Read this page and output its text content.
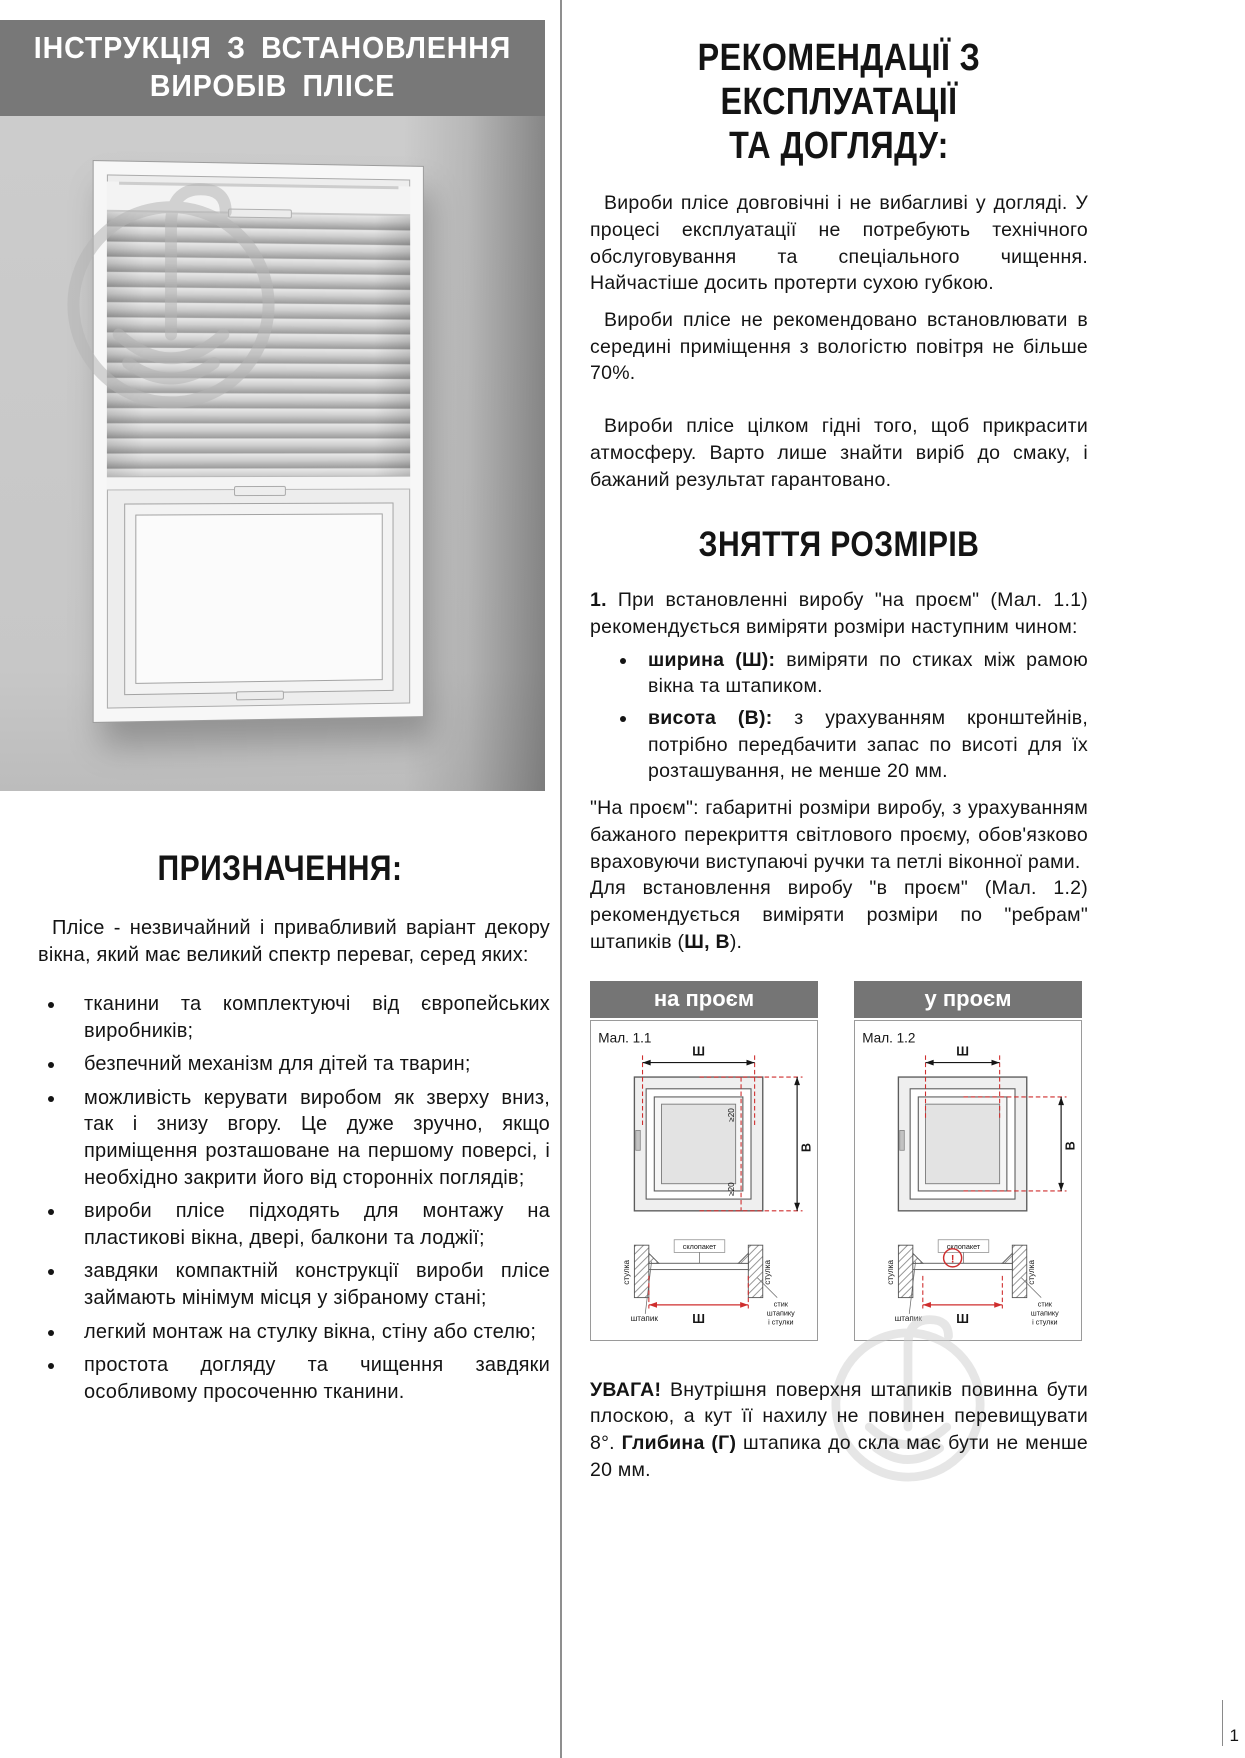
ІНСТРУКЦІЯ З ВСТАНОВЛЕННЯ
ВИРОБІВ ПЛІСЕ
ПРИЗНАЧЕННЯ:

Плісе - незвичайний і привабливий варіант декору вікна, який має великий спектр переваг, серед яких:

• тканини та комплектуючі від європейських виробників;
• безпечний механізм для дітей та тварин;
• можливість керувати виробом як зверху вниз, так і знизу вгору. Це дуже зручно, якщо приміщення розташоване на першому поверсі, і необхідно закрити його від сторонніх поглядів;
• вироби плісе підходять для монтажу на пластикові вікна, двері, балкони та лоджії;
• завдяки компактній конструкції вироби плісе займають мінімум місця у зібраному стані;
• легкий монтаж на стулку вікна, стіну або стелю;
• простота догляду та чищення завдяки особливому просоченню тканини.
РЕКОМЕНДАЦІЇ З ЕКСПЛУАТАЦІЇ
ТА ДОГЛЯДУ:

Вироби плісе довговічні і не вибагливі у догляді. У процесі експлуатації не потребують технічного обслуговування та спеціального чищення. Найчастіше досить протерти сухою губкою.

Вироби плісе не рекомендовано встановлювати в середині приміщення з вологістю повітря не більше 70%.

Вироби плісе цілком гідні того, щоб прикрасити атмосферу. Варто лише знайти виріб до смаку, і бажаний результат гарантовано.

ЗНЯТТЯ РОЗМІРІВ

1. При встановленні виробу "на проєм" (Мал. 1.1) рекомендується виміряти розміри наступним чином:

• ширина (Ш): виміряти по стиках між рамою вікна та штапиком.
• висота (В): з урахуванням кронштейнів, потрібно передбачити запас по висоті для їх розташування, не менше 20 мм.

"На проєм": габаритні розміри виробу, з урахуванням бажаного перекриття світлового проєму, обов'язково враховуючи виступаючі ручки та петлі віконної рами.

Для встановлення виробу "в проєм" (Мал. 1.2) рекомендується виміряти розміри по "ребрам" штапиків (Ш, В).

на проєм
Мал. 1.1
Ш
В
≥20
≥20
стулка	стулка
склопакет
штапик Ш
стик
штапику
і стулки
у проєм
Мал. 1.2
Ш
В
стулка	стулка
склопакет
!
штапик Ш
стик
штапику
і стулки

УВАГА! Внутрішня поверхня штапиків повинна бути плоскою, а кут її нахилу не повинен перевищувати 8°. Глибина (Г) штапика до скла має бути не менше 20 мм.

1
